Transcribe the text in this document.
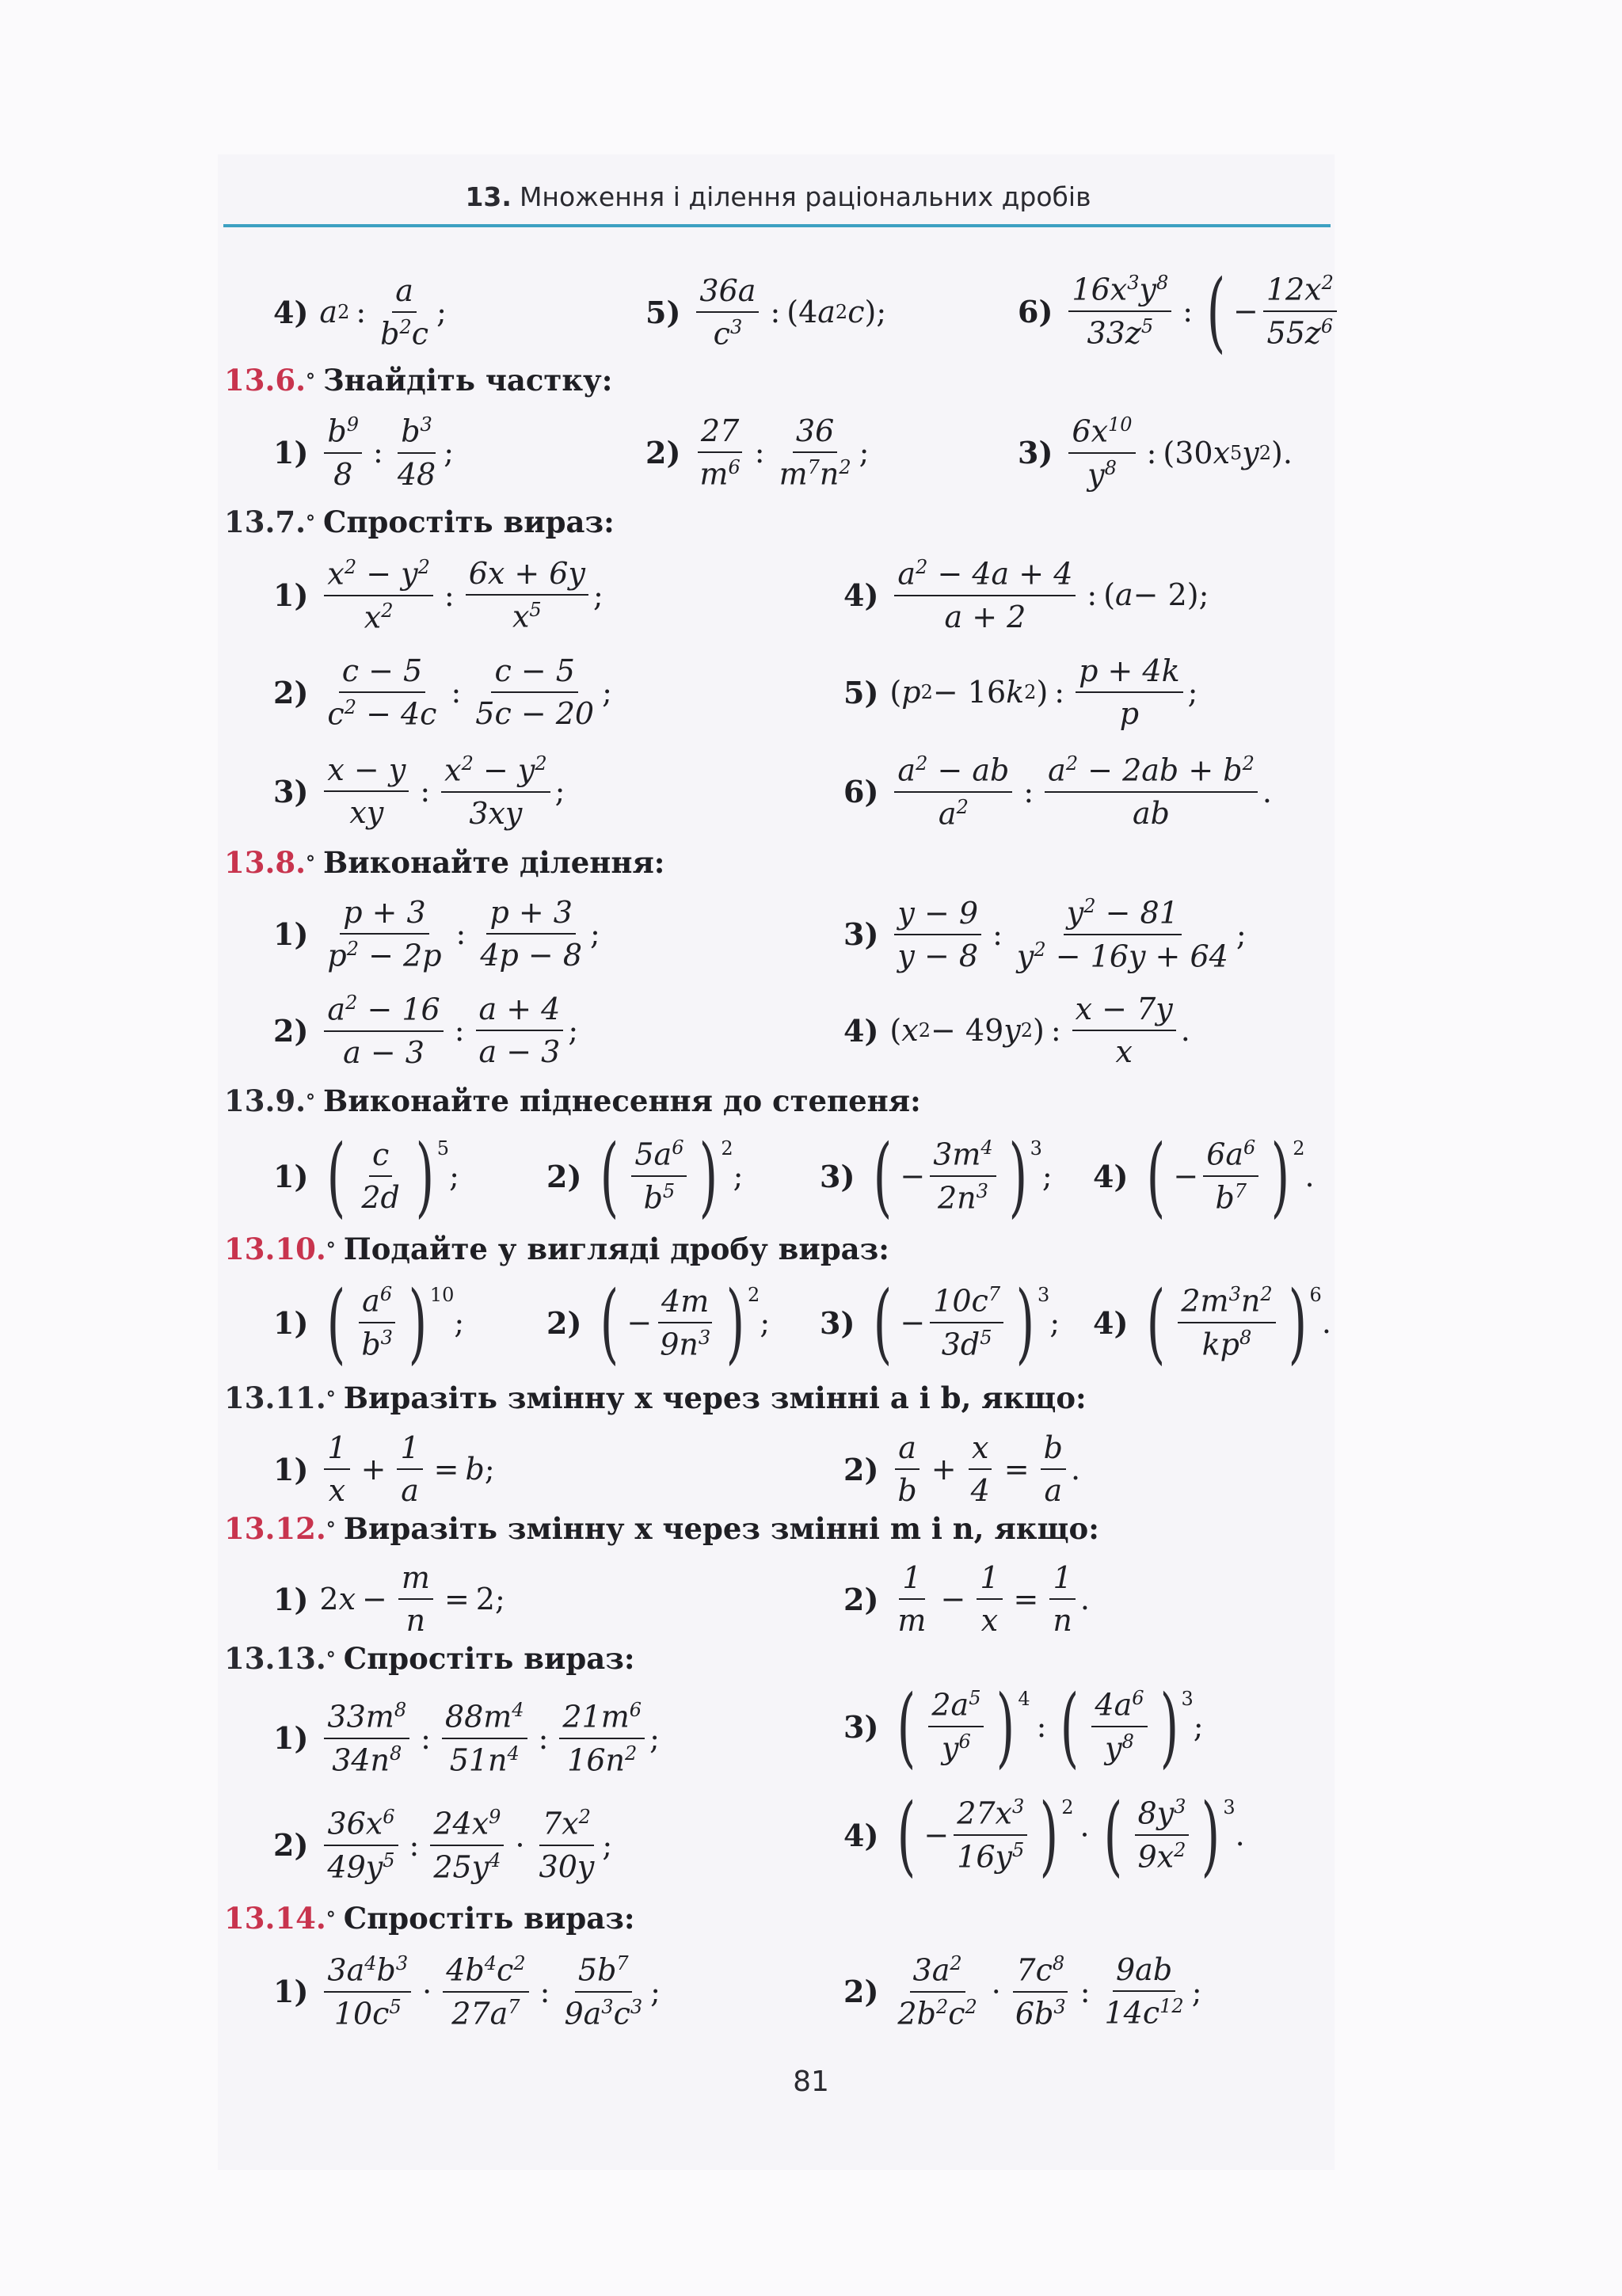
13. Множення і ділення раціональних дробів
4) a 2 : $\frac{a}{b^2c}$ ;	$5) \frac{36a}{c^3}$ : (4 a 2 c );	$6) \frac{16x^3y^8}{33z^5}$ : ( − $\frac{12x^2}{55z^6}$
13.6. ° Знайдіть частку:
$1) \frac{b^9}{8}$ : $\frac{b^3}{48}$ ;	$2) \frac{27}{m^6}$ : $\frac{36}{m^7n^2}$ ;	$3) \frac{6x^{10}}{y^8}$ : (30 x 5 y 2 ).
13.7. ° Спростіть вираз:
$1) \frac{x^2 - y^2}{x^2}$ : $\frac{6x + 6y}{x^5}$ ;	$4) \frac{a^2 - 4a + 4}{a + 2}$ : ( a − 2);
$2) \frac{c - 5}{c^2 - 4c}$ : $\frac{c - 5}{5c - 20}$ ;	5) ( p 2 − 16 k 2 ) : $\frac{p + 4k}{p}$ ;
$3) \frac{x - y}{xy}$ : $\frac{x^2 - y^2}{3xy}$ ;	$6) \frac{a^2 - ab}{a^2}$ : $\frac{a^2 - 2ab + b^2}{ab}$ .
13.8. ° Виконайте ділення:
$1) \frac{p + 3}{p^2 - 2p}$ : $\frac{p + 3}{4p - 8}$ ;	$3) \frac{y - 9}{y - 8}$ : $\frac{y^2 - 81}{y^2 - 16y + 64}$ ;
$2) \frac{a^2 - 16}{a - 3}$ : $\frac{a + 4}{a - 3}$ ;	4) ( x 2 − 49 y 2 ) : $\frac{x - 7y}{x}$ .
13.9. ° Виконайте піднесення до степеня:
1) ( $\frac{c}{2d}$ ) 5
;	2) ( $\frac{5a^6}{b^5}$ ) 2
;	3) ( − $\frac{3m^4}{2n^3}$ ) 3
; 4) ( − $\frac{6a^6}{b^7}$ ) 2
.
13.10. ° Подайте у вигляді дробу вираз:
1) ( $\frac{a^6}{b^3}$ ) 10
;	2) ( − $\frac{4m}{9n^3}$ ) 2
; 3) ( − $\frac{10c^7}{3d^5}$ ) 3
; 4) ( $\frac{2m^3n^2}{kp^8}$ ) 6
.
13.11. ° Виразіть змінну x через змінні a і b, якщо:
$1) \frac{1}{x} + \frac{1}{a} = b$ ;	$2) \frac{a}{b} + \frac{x}{4} = \frac{b}{a}$ .
13.12. ° Виразіть змінну x через змінні m і n, якщо:
1) 2 $x - \frac{m}{n} = 2$;	$2) \frac{1}{m} - \frac{1}{x} = \frac{1}{n}$ .
13.13. ° Спростіть вираз:
$1) \frac{33m^8}{34n^8}$ : $\frac{88m^4}{51n^4}$ : $\frac{21m^6}{16n^2}$ ;	3) ( $\frac{2a^5}{y^6}$ ) 4
: ( $\frac{4a^6}{y^8}$ ) 3
;
$2) \frac{36x^6}{49y^5}$ : $\frac{24x^9}{25y^4} \cdot \frac{7x^2}{30y}$ ;	4) ( − $\frac{27x^3}{16y^5}$ ) 2
· ( $\frac{8y^3}{9x^2}$ ) 3
.
13.14. ° Спростіть вираз:
$1) \frac{3a^4b^3}{10c^5} \cdot \frac{4b^4c^2}{27a^7}$ : $\frac{5b^7}{9a^3c^3}$ ;	$2) \frac{3a^2}{2b^2c^2} \cdot \frac{7c^8}{6b^3}$ : $\frac{9ab}{14c^{12}}$ ;
81
